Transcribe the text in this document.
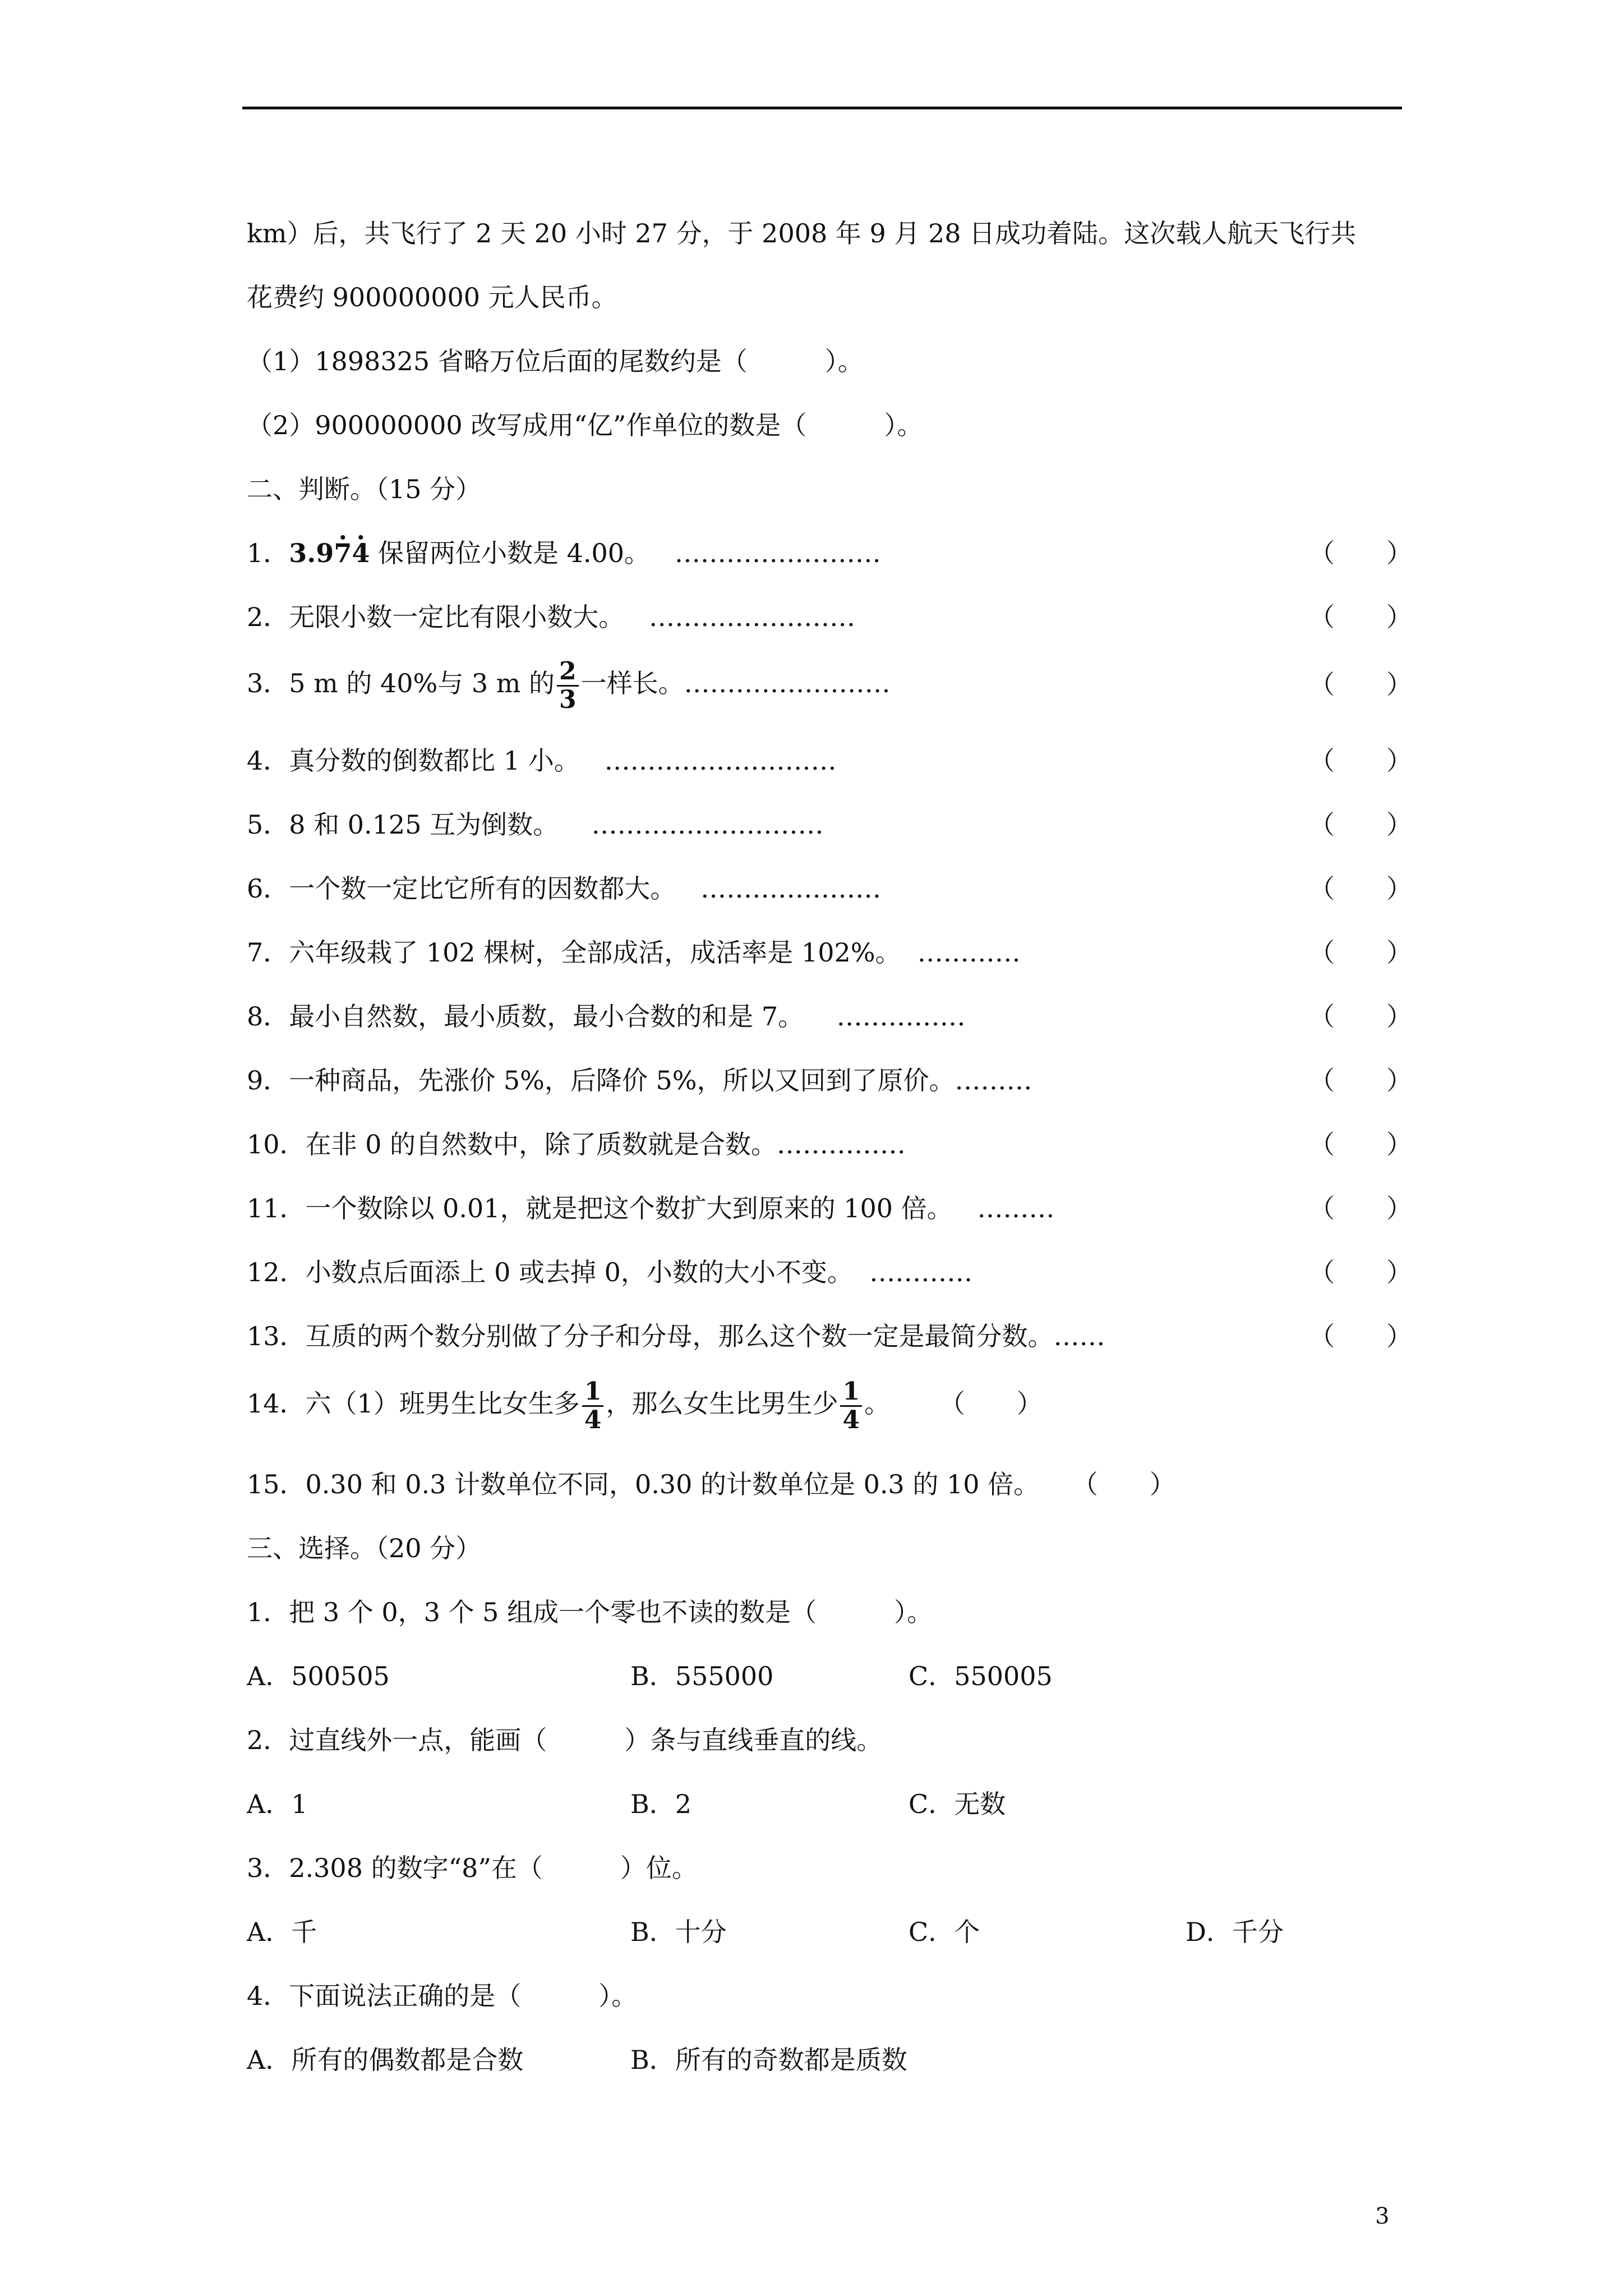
km）后，共飞行了 2 天 20 小时 27 分，于 2008 年 9 月 28 日成功着陆。这次载人航天飞行共
花费约 900000000 元人民币。
（1）1898325 省略万位后面的尾数约是（　　　）。
（2）900000000 改写成用“亿”作单位的数是（　　　）。
二、判断。（15 分）
1．3.97 ·4 · 保留两位小数是 4.00。 ……………………	（　　）
2．无限小数一定比有限小数大。 ……………………	（　　）
3．5 m 的 40%与 3 m 的 $\frac{2}{3}$ 一样长。……………………	（　　）
4．真分数的倒数都比 1 小。 ………………………	（　　）
5．8 和 0.125 互为倒数。 ………………………	（　　）
6．一个数一定比它所有的因数都大。 …………………	（　　）
7．六年级栽了 102 棵树，全部成活，成活率是 102%。 …………	（　　）
8．最小自然数，最小质数，最小合数的和是 7。 ……………	（　　）
9．一种商品，先涨价 5%，后降价 5%，所以又回到了原价。………	（　　）
10．在非 0 的自然数中，除了质数就是合数。……………	（　　）
11．一个数除以 0.01，就是把这个数扩大到原来的 100 倍。 ………	（　　）
12．小数点后面添上 0 或去掉 0，小数的大小不变。 …………	（　　）
13．互质的两个数分别做了分子和分母，那么这个数一定是最简分数。……	（　　）
14．六（1）班男生比女生多 $\frac{1}{4}$ ，那么女生比男生少 $\frac{1}{4}$ 。 （　　）
15．0.30 和 0.3 计数单位不同，0.30 的计数单位是 0.3 的 10 倍。 （　　）
三、选择。（20 分）
1．把 3 个 0，3 个 5 组成一个零也不读的数是（　　　）。
A．500505	B．555000	C．550005
2．过直线外一点，能画（　　　）条与直线垂直的线。
A．1	B．2	C．无数
3．2.308 的数字“8”在（　　　）位。
A．千	B．十分	C．个	D．千分
4．下面说法正确的是（　　　）。
A．所有的偶数都是合数	B．所有的奇数都是质数
3
